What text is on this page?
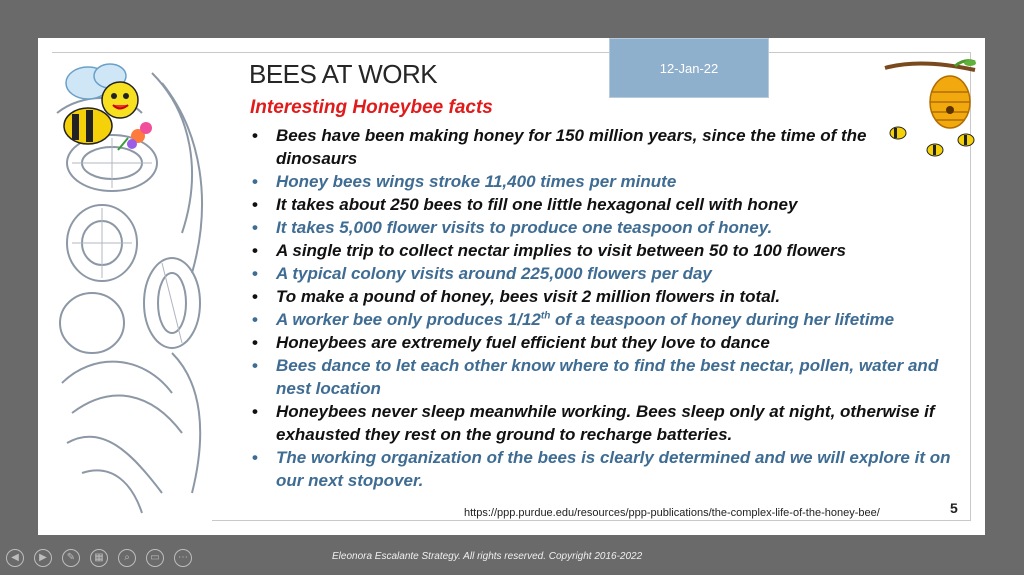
12-Jan-22
BEES AT WORK
Interesting Honeybee facts
• Bees have been making honey for 150 million years, since the time of the dinosaurs
• Honey bees wings stroke 11,400 times per minute
• It takes about 250 bees to fill one little hexagonal cell with honey
• It takes 5,000 flower visits to produce one teaspoon of honey.
• A single trip to collect nectar implies to visit between 50 to 100 flowers
• A typical colony visits around 225,000 flowers per day
• To make a pound of honey, bees visit 2 million flowers in total.
• A worker bee only produces 1/12th of a teaspoon of honey during her lifetime
• Honeybees are extremely fuel efficient but they love to dance
• Bees dance to let each other know where to find the best nectar, pollen, water and nest location
• Honeybees never sleep meanwhile working. Bees sleep only at night, otherwise if exhausted they rest on the ground to recharge batteries.
• The working organization of the bees is clearly determined and we will explore it on our next stopover.
https://ppp.purdue.edu/resources/ppp-publications/the-complex-life-of-the-honey-bee/	5
◀	▶	✎	▦	⌕	▭	⋯	Eleonora Escalante Strategy. All rights reserved. Copyright 2016-2022
